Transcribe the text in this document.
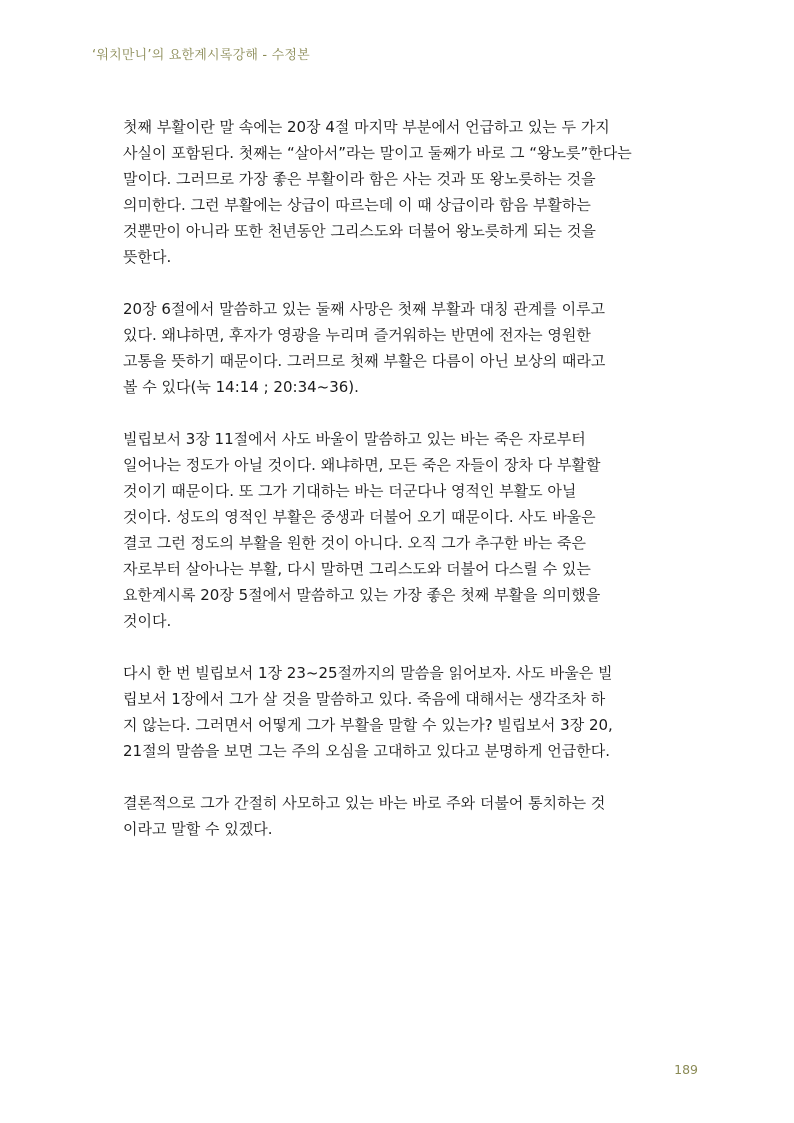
‘워치만니’의 요한계시록강해 - 수정본

첫째 부활이란 말 속에는 20장 4절 마지막 부분에서 언급하고 있는 두 가지
사실이 포함된다. 첫째는 “살아서”라는 말이고 둘째가 바로 그 “왕노릇”한다는
말이다. 그러므로 가장 좋은 부활이라 함은 사는 것과 또 왕노릇하는 것을
의미한다. 그런 부활에는 상급이 따르는데 이 때 상급이라 함음 부활하는
것뿐만이 아니라 또한 천년동안 그리스도와 더불어 왕노릇하게 되는 것을
뜻한다.

20장 6절에서 말씀하고 있는 둘째 사망은 첫째 부활과 대칭 관계를 이루고
있다. 왜냐하면, 후자가 영광을 누리며 즐거워하는 반면에 전자는 영원한
고통을 뜻하기 때문이다. 그러므로 첫째 부활은 다름이 아닌 보상의 때라고
볼 수 있다(눅 14:14 ; 20:34~36).

빌립보서 3장 11절에서 사도 바울이 말씀하고 있는 바는 죽은 자로부터
일어나는 정도가 아닐 것이다. 왜냐하면, 모든 죽은 자들이 장차 다 부활할
것이기 때문이다. 또 그가 기대하는 바는 더군다나 영적인 부활도 아닐
것이다. 성도의 영적인 부활은 중생과 더불어 오기 때문이다. 사도 바울은
결코 그런 정도의 부활을 원한 것이 아니다. 오직 그가 추구한 바는 죽은
자로부터 살아나는 부활, 다시 말하면 그리스도와 더불어 다스릴 수 있는
요한계시록 20장 5절에서 말씀하고 있는 가장 좋은 첫째 부활을 의미했을
것이다.

다시 한 번 빌립보서 1장 23~25절까지의 말씀을 읽어보자. 사도 바울은 빌
립보서 1장에서 그가 살 것을 말씀하고 있다. 죽음에 대해서는 생각조차 하
지 않는다. 그러면서 어떻게 그가 부활을 말할 수 있는가? 빌립보서 3장 20,
21절의 말씀을 보면 그는 주의 오심을 고대하고 있다고 분명하게 언급한다.

결론적으로 그가 간절히 사모하고 있는 바는 바로 주와 더불어 통치하는 것
이라고 말할 수 있겠다.

189
